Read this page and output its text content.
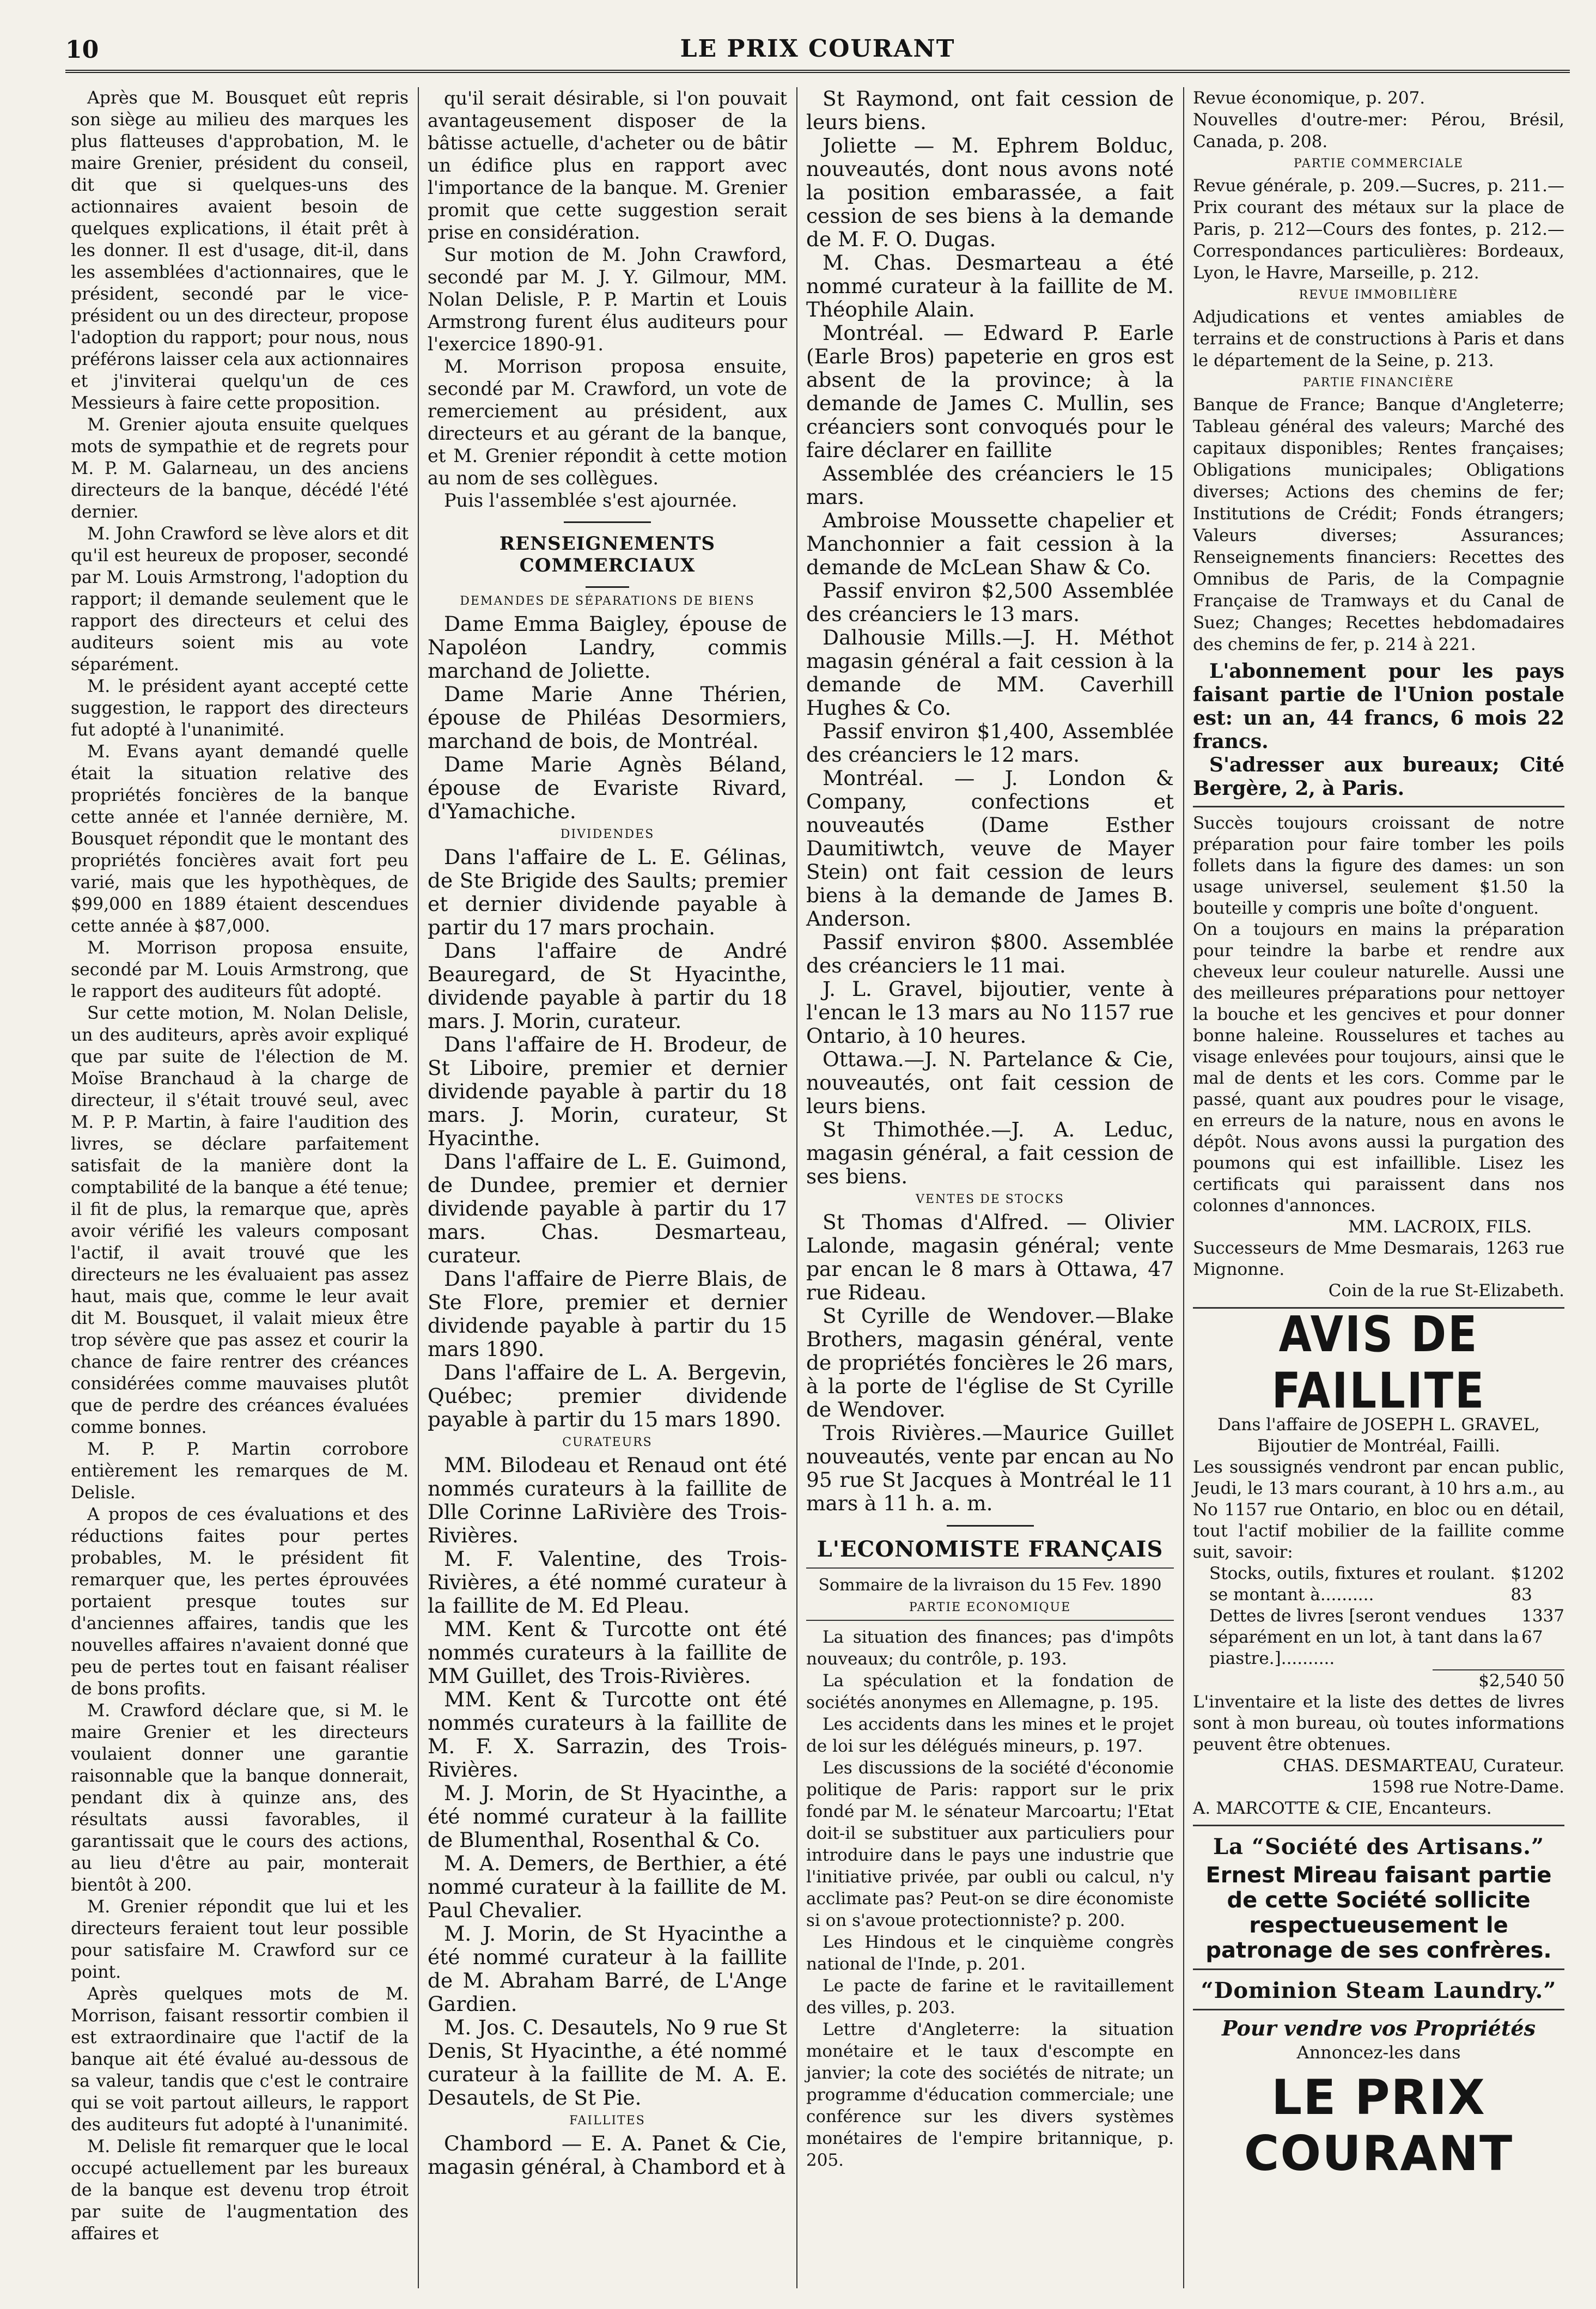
10	LE PRIX COURANT

Après que M. Bousquet eût repris son siège au milieu des marques les plus flatteuses d'approbation, M. le maire Grenier, président du conseil, dit que si quelques-uns des actionnaires avaient besoin de quelques explications, il était prêt à les donner. Il est d'usage, dit-il, dans les assemblées d'actionnaires, que le président, secondé par le vice-président ou un des directeur, propose l'adoption du rapport; pour nous, nous préférons laisser cela aux actionnaires et j'inviterai quelqu'un de ces Messieurs à faire cette proposition.

M. Grenier ajouta ensuite quelques mots de sympathie et de regrets pour M. P. M. Galarneau, un des anciens directeurs de la banque, décédé l'été dernier.

M. John Crawford se lève alors et dit qu'il est heureux de proposer, secondé par M. Louis Armstrong, l'adoption du rapport; il demande seulement que le rapport des directeurs et celui des auditeurs soient mis au vote séparément.

M. le président ayant accepté cette suggestion, le rapport des directeurs fut adopté à l'unanimité.

M. Evans ayant demandé quelle était la situation relative des propriétés foncières de la banque cette année et l'année dernière, M. Bousquet répondit que le montant des propriétés foncières avait fort peu varié, mais que les hypothèques, de $99,000 en 1889 étaient descendues cette année à $87,000.

M. Morrison proposa ensuite, secondé par M. Louis Armstrong, que le rapport des auditeurs fût adopté.

Sur cette motion, M. Nolan Delisle, un des auditeurs, après avoir expliqué que par suite de l'élection de M. Moïse Branchaud à la charge de directeur, il s'était trouvé seul, avec M. P. P. Martin, à faire l'audition des livres, se déclare parfaitement satisfait de la manière dont la comptabilité de la banque a été tenue; il fit de plus, la remarque que, après avoir vérifié les valeurs composant l'actif, il avait trouvé que les directeurs ne les évaluaient pas assez haut, mais que, comme le leur avait dit M. Bousquet, il valait mieux être trop sévère que pas assez et courir la chance de faire rentrer des créances considérées comme mauvaises plutôt que de perdre des créances évaluées comme bonnes.

M. P. P. Martin corrobore entièrement les remarques de M. Delisle.

A propos de ces évaluations et des réductions faites pour pertes probables, M. le président fit remarquer que, les pertes éprouvées portaient presque toutes sur d'anciennes affaires, tandis que les nouvelles affaires n'avaient donné que peu de pertes tout en faisant réaliser de bons profits.

M. Crawford déclare que, si M. le maire Grenier et les directeurs voulaient donner une garantie raisonnable que la banque donnerait, pendant dix à quinze ans, des résultats aussi favorables, il garantissait que le cours des actions, au lieu d'être au pair, monterait bientôt à 200.

M. Grenier répondit que lui et les directeurs feraient tout leur possible pour satisfaire M. Crawford sur ce point.

Après quelques mots de M. Morrison, faisant ressortir combien il est extraordinaire que l'actif de la banque ait été évalué au-dessous de sa valeur, tandis que c'est le contraire qui se voit partout ailleurs, le rapport des auditeurs fut adopté à l'unanimité.

M. Delisle fit remarquer que le local occupé actuellement par les bureaux de la banque est devenu trop étroit par suite de l'augmentation des affaires et

qu'il serait désirable, si l'on pouvait avantageusement disposer de la bâtisse actuelle, d'acheter ou de bâtir un édifice plus en rapport avec l'importance de la banque. M. Grenier promit que cette suggestion serait prise en considération.

Sur motion de M. John Crawford, secondé par M. J. Y. Gilmour, MM. Nolan Delisle, P. P. Martin et Louis Armstrong furent élus auditeurs pour l'exercice 1890-91.

M. Morrison proposa ensuite, secondé par M. Crawford, un vote de remerciement au président, aux directeurs et au gérant de la banque, et M. Grenier répondit à cette motion au nom de ses collègues.

Puis l'assemblée s'est ajournée.

RENSEIGNEMENTS COMMERCIAUX
DEMANDES DE SÉPARATIONS DE BIENS

Dame Emma Baigley, épouse de Napoléon Landry, commis marchand de Joliette.

Dame Marie Anne Thérien, épouse de Philéas Desormiers, marchand de bois, de Montréal.

Dame Marie Agnès Béland, épouse de Evariste Rivard, d'Yamachiche.

DIVIDENDES

Dans l'affaire de L. E. Gélinas, de Ste Brigide des Saults; premier et dernier dividende payable à partir du 17 mars prochain.

Dans l'affaire de André Beauregard, de St Hyacinthe, dividende payable à partir du 18 mars. J. Morin, curateur.

Dans l'affaire de H. Brodeur, de St Liboire, premier et dernier dividende payable à partir du 18 mars. J. Morin, curateur, St Hyacinthe.

Dans l'affaire de L. E. Guimond, de Dundee, premier et dernier dividende payable à partir du 17 mars. Chas. Desmarteau, curateur.

Dans l'affaire de Pierre Blais, de Ste Flore, premier et dernier dividende payable à partir du 15 mars 1890.

Dans l'affaire de L. A. Bergevin, Québec; premier dividende payable à partir du 15 mars 1890.

CURATEURS

MM. Bilodeau et Renaud ont été nommés curateurs à la faillite de Dlle Corinne LaRivière des Trois-Rivières.

M. F. Valentine, des Trois-Rivières, a été nommé curateur à la faillite de M. Ed Pleau.

MM. Kent & Turcotte ont été nommés curateurs à la faillite de MM Guillet, des Trois-Rivières.

MM. Kent & Turcotte ont été nommés curateurs à la faillite de M. F. X. Sarrazin, des Trois-Rivières.

M. J. Morin, de St Hyacinthe, a été nommé curateur à la faillite de Blumenthal, Rosenthal & Co.

M. A. Demers, de Berthier, a été nommé curateur à la faillite de M. Paul Chevalier.

M. J. Morin, de St Hyacinthe a été nommé curateur à la faillite de M. Abraham Barré, de L'Ange Gardien.

M. Jos. C. Desautels, No 9 rue St Denis, St Hyacinthe, a été nommé curateur à la faillite de M. A. E. Desautels, de St Pie.

FAILLITES

Chambord — E. A. Panet & Cie, magasin général, à Chambord et à

St Raymond, ont fait cession de leurs biens.

Joliette — M. Ephrem Bolduc, nouveautés, dont nous avons noté la position embarassée, a fait cession de ses biens à la demande de M. F. O. Dugas.

M. Chas. Desmarteau a été nommé curateur à la faillite de M. Théophile Alain.

Montréal. — Edward P. Earle (Earle Bros) papeterie en gros est absent de la province; à la demande de James C. Mullin, ses créanciers sont convoqués pour le faire déclarer en faillite

Assemblée des créanciers le 15 mars.

Ambroise Moussette chapelier et Manchonnier a fait cession à la demande de McLean Shaw & Co.

Passif environ $2,500 Assemblée des créanciers le 13 mars.

Dalhousie Mills.—J. H. Méthot magasin général a fait cession à la demande de MM. Caverhill Hughes & Co.

Passif environ $1,400, Assemblée des créanciers le 12 mars.

Montréal. — J. London & Company, confections et nouveautés (Dame Esther Daumitiwtch, veuve de Mayer Stein) ont fait cession de leurs biens à la demande de James B. Anderson.

Passif environ $800. Assemblée des créanciers le 11 mai.

J. L. Gravel, bijoutier, vente à l'encan le 13 mars au No 1157 rue Ontario, à 10 heures.

Ottawa.—J. N. Partelance & Cie, nouveautés, ont fait cession de leurs biens.

St Thimothée.—J. A. Leduc, magasin général, a fait cession de ses biens.

VENTES DE STOCKS

St Thomas d'Alfred. — Olivier Lalonde, magasin général; vente par encan le 8 mars à Ottawa, 47 rue Rideau.

St Cyrille de Wendover.—Blake Brothers, magasin général, vente de propriétés foncières le 26 mars, à la porte de l'église de St Cyrille de Wendover.

Trois Rivières.—Maurice Guillet nouveautés, vente par encan au No 95 rue St Jacques à Montréal le 11 mars à 11 h. a. m.

L'ECONOMISTE FRANÇAIS

Sommaire de la livraison du 15 Fev. 1890

PARTIE ECONOMIQUE

La situation des finances; pas d'impôts nouveaux; du contrôle, p. 193.

La spéculation et la fondation de sociétés anonymes en Allemagne, p. 195.

Les accidents dans les mines et le projet de loi sur les délégués mineurs, p. 197.

Les discussions de la société d'économie politique de Paris: rapport sur le prix fondé par M. le sénateur Marcoartu; l'Etat doit-il se substituer aux particuliers pour introduire dans le pays une industrie que l'initiative privée, par oubli ou calcul, n'y acclimate pas? Peut-on se dire économiste si on s'avoue protectionniste? p. 200.

Les Hindous et le cinquième congrès national de l'Inde, p. 201.

Le pacte de farine et le ravitaillement des villes, p. 203.

Lettre d'Angleterre: la situation monétaire et le taux d'escompte en janvier; la cote des sociétés de nitrate; un programme d'éducation commerciale; une conférence sur les divers systèmes monétaires de l'empire britannique, p. 205.

Revue économique, p. 207.

Nouvelles d'outre-mer: Pérou, Brésil, Canada, p. 208.

PARTIE COMMERCIALE

Revue générale, p. 209.—Sucres, p. 211.—Prix courant des métaux sur la place de Paris, p. 212—Cours des fontes, p. 212.—Correspondances particulières: Bordeaux, Lyon, le Havre, Marseille, p. 212.

REVUE IMMOBILIÈRE

Adjudications et ventes amiables de terrains et de constructions à Paris et dans le département de la Seine, p. 213.

PARTIE FINANCIÈRE

Banque de France; Banque d'Angleterre; Tableau général des valeurs; Marché des capitaux disponibles; Rentes françaises; Obligations municipales; Obligations diverses; Actions des chemins de fer; Institutions de Crédit; Fonds étrangers; Valeurs diverses; Assurances; Renseignements financiers: Recettes des Omnibus de Paris, de la Compagnie Française de Tramways et du Canal de Suez; Changes; Recettes hebdomadaires des chemins de fer, p. 214 à 221.

L'abonnement pour les pays faisant partie de l'Union postale est: un an, 44 francs, 6 mois 22 francs.

S'adresser aux bureaux; Cité Bergère, 2, à Paris.

Succès toujours croissant de notre préparation pour faire tomber les poils follets dans la figure des dames: un son usage universel, seulement $1.50 la bouteille y compris une boîte d'onguent.

On a toujours en mains la préparation pour teindre la barbe et rendre aux cheveux leur couleur naturelle. Aussi une des meilleures préparations pour nettoyer la bouche et les gencives et pour donner bonne haleine. Rousselures et taches au visage enlevées pour toujours, ainsi que le mal de dents et les cors. Comme par le passé, quant aux poudres pour le visage, en erreurs de la nature, nous en avons le dépôt. Nous avons aussi la purgation des poumons qui est infaillible. Lisez les certificats qui paraissent dans nos colonnes d'annonces.

MM. LACROIX, FILS.

Successeurs de Mme Desmarais, 1263 rue Mignonne.

Coin de la rue St-Elizabeth.

AVIS DE FAILLITE

Dans l'affaire de JOSEPH L. GRAVEL, Bijoutier de Montréal, Failli.

Les soussignés vendront par encan public, Jeudi, le 13 mars courant, à 10 hrs a.m., au No 1157 rue Ontario, en bloc ou en détail, tout l'actif mobilier de la faillite comme suit, savoir:

Stocks, outils, fixtures et roulant. se montant à..........
$1202 83
Dettes de livres [seront vendues séparément en un lot, à tant dans la piastre.]..........
1337 67

$2,540 50

L'inventaire et la liste des dettes de livres sont à mon bureau, où toutes informations peuvent être obtenues.

CHAS. DESMARTEAU, Curateur.

1598 rue Notre-Dame.

A. MARCOTTE & CIE, Encanteurs.

La “Société des Artisans.”

Ernest Mireau faisant partie de cette Société sollicite respectueusement le patronage de ses confrères.

“Dominion Steam Laundry.”

Pour vendre vos Propriétés

Annoncez-les dans

LE PRIX COURANT
